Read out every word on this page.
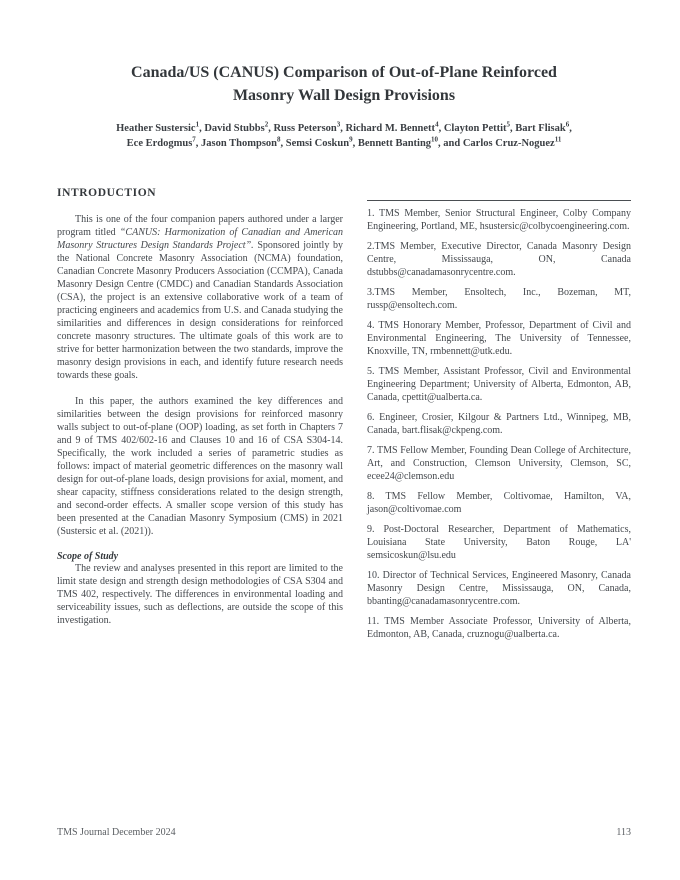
Canada/US (CANUS) Comparison of Out-of-Plane Reinforced
Masonry Wall Design Provisions
Heather Sustersic$^1$, David Stubbs$^2$, Russ Peterson$^3$, Richard M. Bennett$^4$, Clayton Pettit$^5$, Bart Flisak$^6$,
Ece Erdogmus$^7$, Jason Thompson$^8$, Semsi Coskun$^9$, Bennett Banting$^{10}$, and Carlos Cruz-Noguez$^{11}$
INTRODUCTION

This is one of the four companion papers authored under a larger program titled “CANUS: Harmonization of Canadian and American Masonry Structures Design Standards Project”. Sponsored jointly by the National Concrete Masonry Association (NCMA) foundation, Canadian Concrete Masonry Producers Association (CCMPA), Canada Masonry Design Centre (CMDC) and Canadian Standards Association (CSA), the project is an extensive collaborative work of a team of practicing engineers and academics from U.S. and Canada studying the similarities and differences in design considerations for reinforced concrete masonry structures. The ultimate goals of this work are to strive for better harmonization between the two standards, improve the masonry design provisions in each, and identify future research needs towards these goals.

In this paper, the authors examined the key differences and similarities between the design provisions for reinforced masonry walls subject to out-of-plane (OOP) loading, as set forth in Chapters 7 and 9 of TMS 402/602-16 and Clauses 10 and 16 of CSA S304-14. Specifically, the work included a series of parametric studies as follows: impact of material geometric differences on the masonry wall design for out-of-plane loads, design provisions for axial, moment, and shear capacity, stiffness considerations related to the design strength, and second-order effects. A smaller scope version of this study has been presented at the Canadian Masonry Symposium (CMS) in 2021 (Sustersic et al. (2021)).

Scope of Study

The review and analyses presented in this report are limited to the limit state design and strength design methodologies of CSA S304 and TMS 402, respectively. The differences in environmental loading and serviceability issues, such as deflections, are outside the scope of this investigation.

1. TMS Member, Senior Structural Engineer, Colby Company Engineering, Portland, ME, hsustersic@colbycoengineering.com.

2.TMS Member, Executive Director, Canada Masonry Design Centre, Mississauga, ON, Canada dstubbs@canadamasonrycentre.com.

3.TMS Member, Ensoltech, Inc., Bozeman, MT, russp@ensoltech.com.

4. TMS Honorary Member, Professor, Department of Civil and Environmental Engineering, The University of Tennessee, Knoxville, TN, rmbennett@utk.edu.

5. TMS Member, Assistant Professor, Civil and Environmental Engineering Department; University of Alberta, Edmonton, AB, Canada, cpettit@ualberta.ca.

6. Engineer, Crosier, Kilgour & Partners Ltd., Winnipeg, MB, Canada, bart.flisak@ckpeng.com.

7. TMS Fellow Member, Founding Dean College of Architecture, Art, and Construction, Clemson University, Clemson, SC, ecee24@clemson.edu

8. TMS Fellow Member, Coltivomae, Hamilton, VA, jason@coltivomae.com

9. Post-Doctoral Researcher, Department of Mathematics, Louisiana State University, Baton Rouge, LA' semsicoskun@lsu.edu

10. Director of Technical Services, Engineered Masonry, Canada Masonry Design Centre, Mississauga, ON, Canada, bbanting@canadamasonrycentre.com.

11. TMS Member Associate Professor, University of Alberta, Edmonton, AB, Canada, cruznogu@ualberta.ca.

TMS Journal December 2024	113
